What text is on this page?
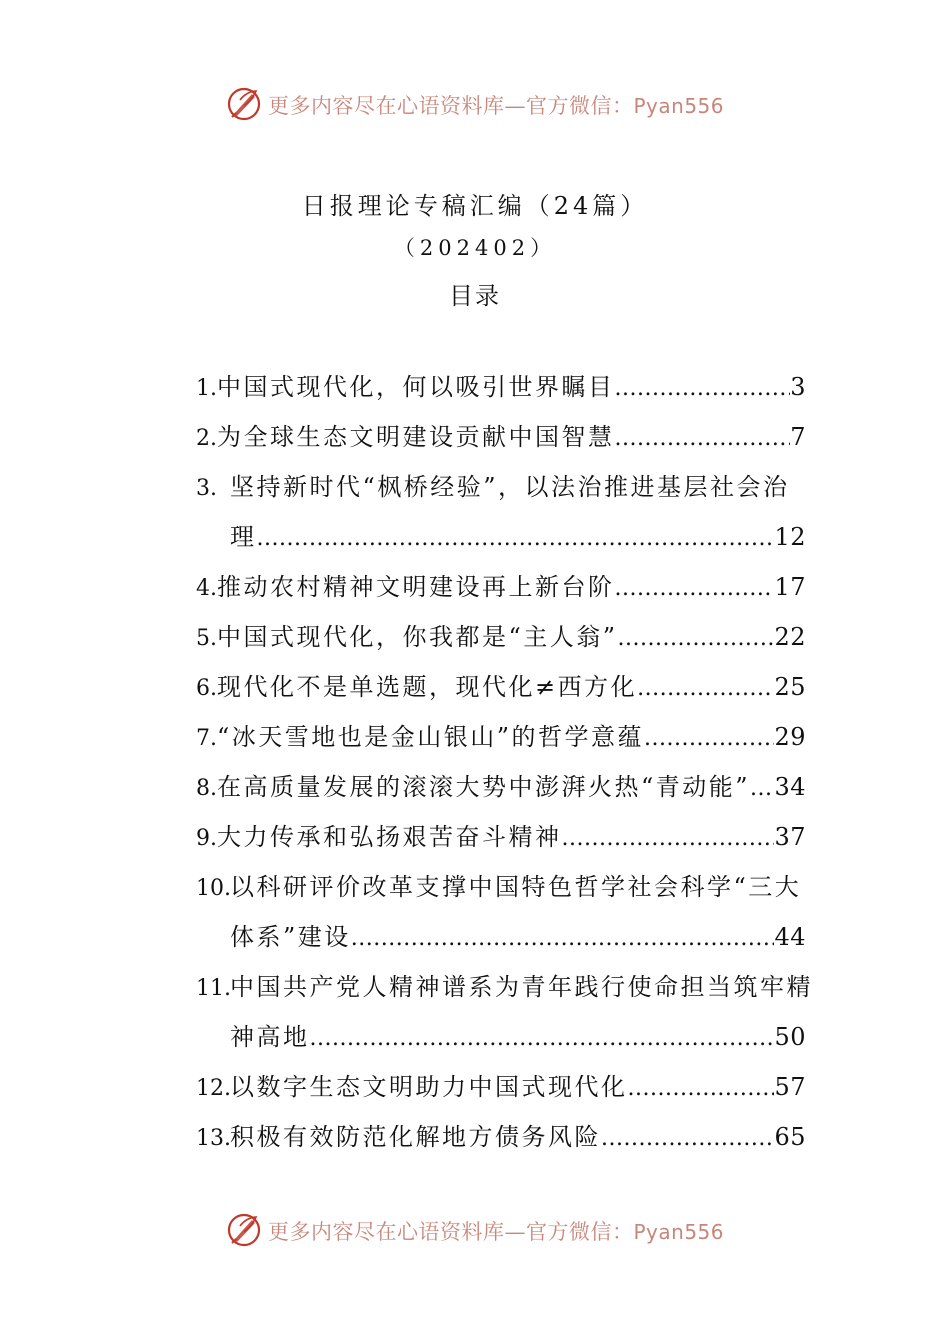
更多内容尽在心语资料库—官方微信：Pyan556
日报理论专稿汇编（24篇）
（202402）
目录
1. 中国式现代化，何以吸引世界瞩目 .....	3
2. 为全球生态文明建设贡献中国智慧 .....	7
3. 坚持新时代“枫桥经验”，以法治推进基层社会治
理 .....	12
4. 推动农村精神文明建设再上新台阶 .....	17
5. 中国式现代化，你我都是“主人翁” .....	22
6. 现代化不是单选题，现代化≠西方化 .....	25
7. “冰天雪地也是金山银山”的哲学意蕴 .....	29
8. 在高质量发展的滚滚大势中澎湃火热“青动能” ..... 34
9. 大力传承和弘扬艰苦奋斗精神 .....	37
10. 以科研评价改革支撑中国特色哲学社会科学“三大
体系”建设 .....	44
11. 中国共产党人精神谱系为青年践行使命担当筑牢精
神高地 .....	50
12. 以数字生态文明助力中国式现代化 .....	57
13. 积极有效防范化解地方债务风险 .....	65
更多内容尽在心语资料库—官方微信：Pyan556
